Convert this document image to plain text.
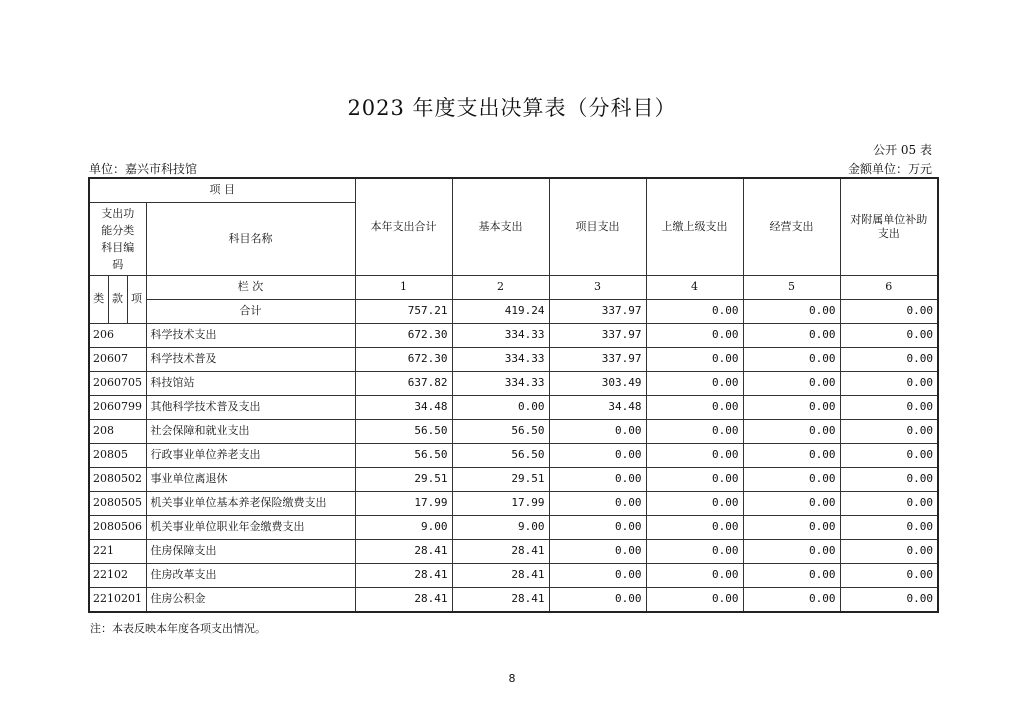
2023 年度支出决算表（分科目）
公开 05 表
单位：嘉兴市科技馆	金额单位：万元
项 目				本年支出合计	基本支出	项目支出	上缴上级支出	经营支出	对附属单位补助支出
支出功能分类科目编码			科目名称						

类	款	项	栏 次	1	2	3	4	5	6
			合计	757.21	419.24	337.97	0.00	0.00	0.00
206			科学技术支出	672.30	334.33	337.97	0.00	0.00	0.00
20607			科学技术普及	672.30	334.33	337.97	0.00	0.00	0.00
2060705			科技馆站	637.82	334.33	303.49	0.00	0.00	0.00
2060799			其他科学技术普及支出	34.48	0.00	34.48	0.00	0.00	0.00
208			社会保障和就业支出	56.50	56.50	0.00	0.00	0.00	0.00
20805			行政事业单位养老支出	56.50	56.50	0.00	0.00	0.00	0.00
2080502			事业单位离退休	29.51	29.51	0.00	0.00	0.00	0.00
2080505			机关事业单位基本养老保险缴费支出	17.99	17.99	0.00	0.00	0.00	0.00
2080506			机关事业单位职业年金缴费支出	9.00	9.00	0.00	0.00	0.00	0.00
221			住房保障支出	28.41	28.41	0.00	0.00	0.00	0.00
22102			住房改革支出	28.41	28.41	0.00	0.00	0.00	0.00
2210201			住房公积金	28.41	28.41	0.00	0.00	0.00	0.00
注：本表反映本年度各项支出情况。
8
